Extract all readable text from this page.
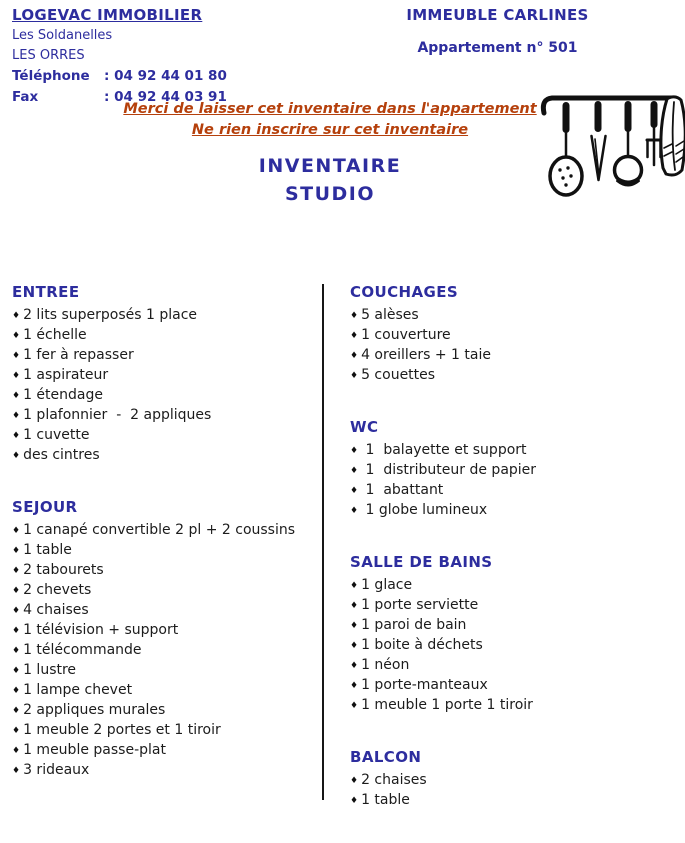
LOGEVAC IMMOBILIER
Les Soldanelles
LES ORRES
Téléphone : 04 92 44 01 80
Fax	: 04 92 44 03 91
IMMEUBLE CARLINES
Appartement n° 501
Merci de laisser cet inventaire dans l'appartement
Ne rien inscrire sur cet inventaire
INVENTAIRE
STUDIO
ENTREE
♦ 2 lits superposés 1 place
♦ 1 échelle
♦ 1 fer à repasser
♦ 1 aspirateur
♦ 1 étendage
♦ 1 plafonnier  -  2 appliques
♦ 1 cuvette
♦ des cintres
SEJOUR
♦ 1 canapé convertible 2 pl + 2 coussins
♦ 1 table
♦ 2 tabourets
♦ 2 chevets
♦ 4 chaises
♦ 1 télévision + support
♦ 1 télécommande
♦ 1 lustre
♦ 1 lampe chevet
♦ 2 appliques murales
♦ 1 meuble 2 portes et 1 tiroir
♦ 1 meuble passe-plat
♦ 3 rideaux
COUCHAGES
♦ 5 alèses
♦ 1 couverture
♦ 4 oreillers + 1 taie
♦ 5 couettes
WC
♦ 1  balayette et support
♦ 1  distributeur de papier
♦ 1  abattant
♦ 1 globe lumineux
SALLE DE BAINS
♦ 1 glace
♦ 1 porte serviette
♦ 1 paroi de bain
♦ 1 boite à déchets
♦ 1 néon
♦ 1 porte-manteaux
♦ 1 meuble 1 porte 1 tiroir
BALCON
♦ 2 chaises
♦ 1 table
